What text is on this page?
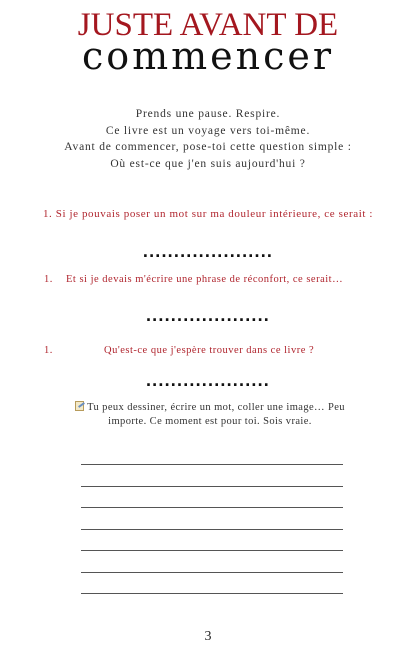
JUSTE AVANT DE
commencer
Prends une pause. Respire.
Ce livre est un voyage vers toi-même.
Avant de commencer, pose-toi cette question simple :
Où est-ce que j'en suis aujourd'hui ?
1. Si je pouvais poser un mot sur ma douleur intérieure, ce serait :
.....................
1. Et si je devais m'écrire une phrase de réconfort, ce serait…
....................
1.	Qu'est-ce que j'espère trouver dans ce livre ?
....................
Tu peux dessiner, écrire un mot, coller une image… Peu importe. Ce moment est pour toi. Sois vraie.
3
